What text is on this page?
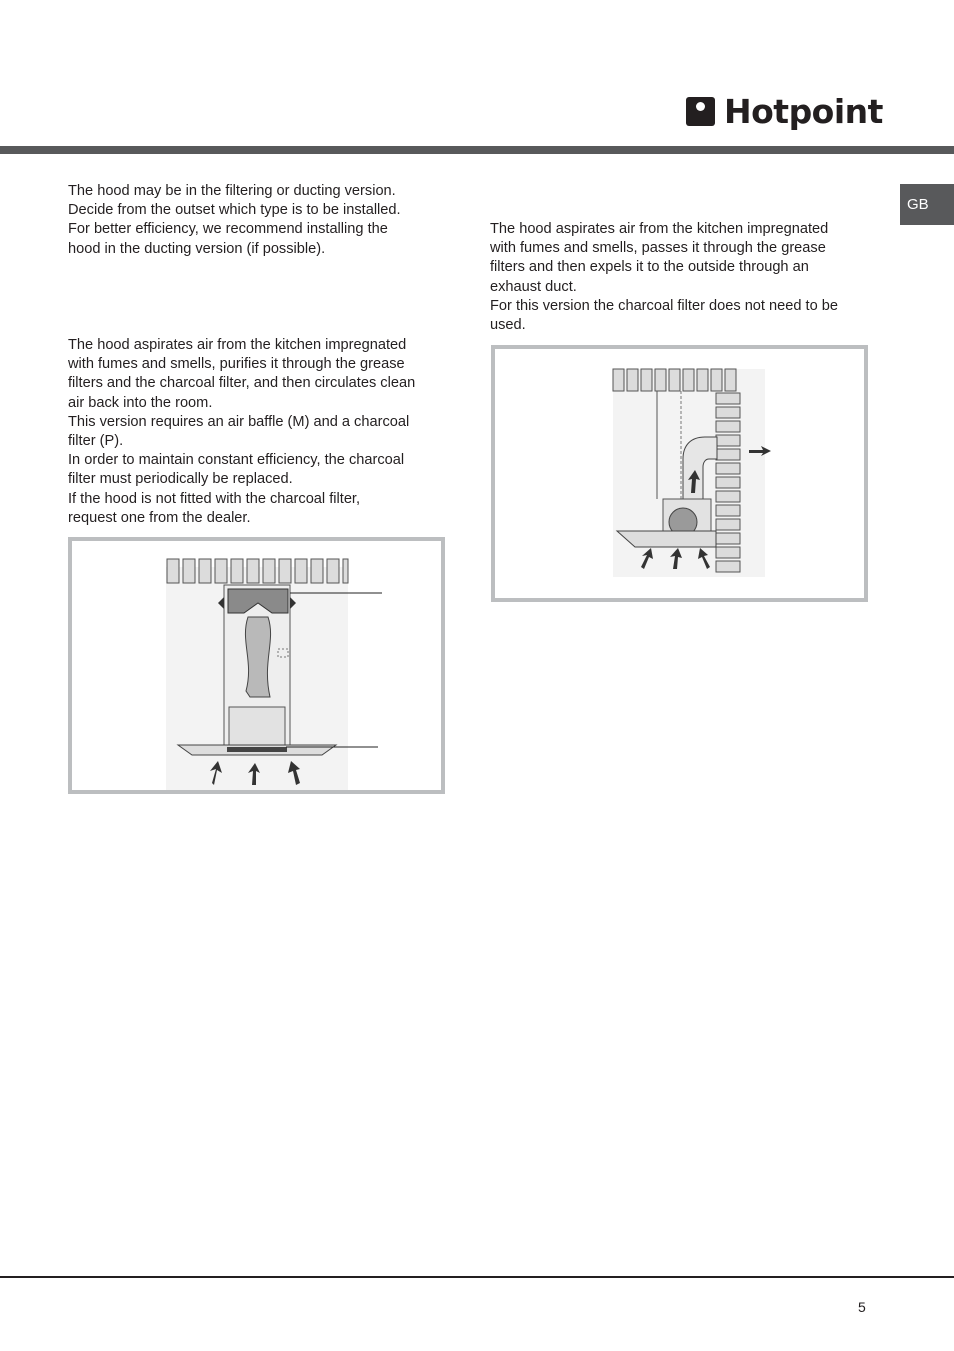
Hotpoint
GB

The hood may be in the filtering or ducting version.
Decide from the outset which type is to be installed.
For better efficiency, we recommend installing the
hood in the ducting version (if possible).

The hood aspirates air from the kitchen impregnated
with fumes and smells, purifies it through the grease
filters and the charcoal filter, and then circulates clean
air back into the room.
This version requires an air baffle (M) and a charcoal
filter (P).
In order to maintain constant efficiency, the charcoal
filter must periodically be replaced.
If the hood is not fitted with the charcoal filter,
request one from the dealer.

The hood aspirates air from the kitchen impregnated
with fumes and smells, passes it through the grease
filters and then expels it to the outside through an
exhaust duct.
For this version the charcoal filter does not need to be
used.

5
